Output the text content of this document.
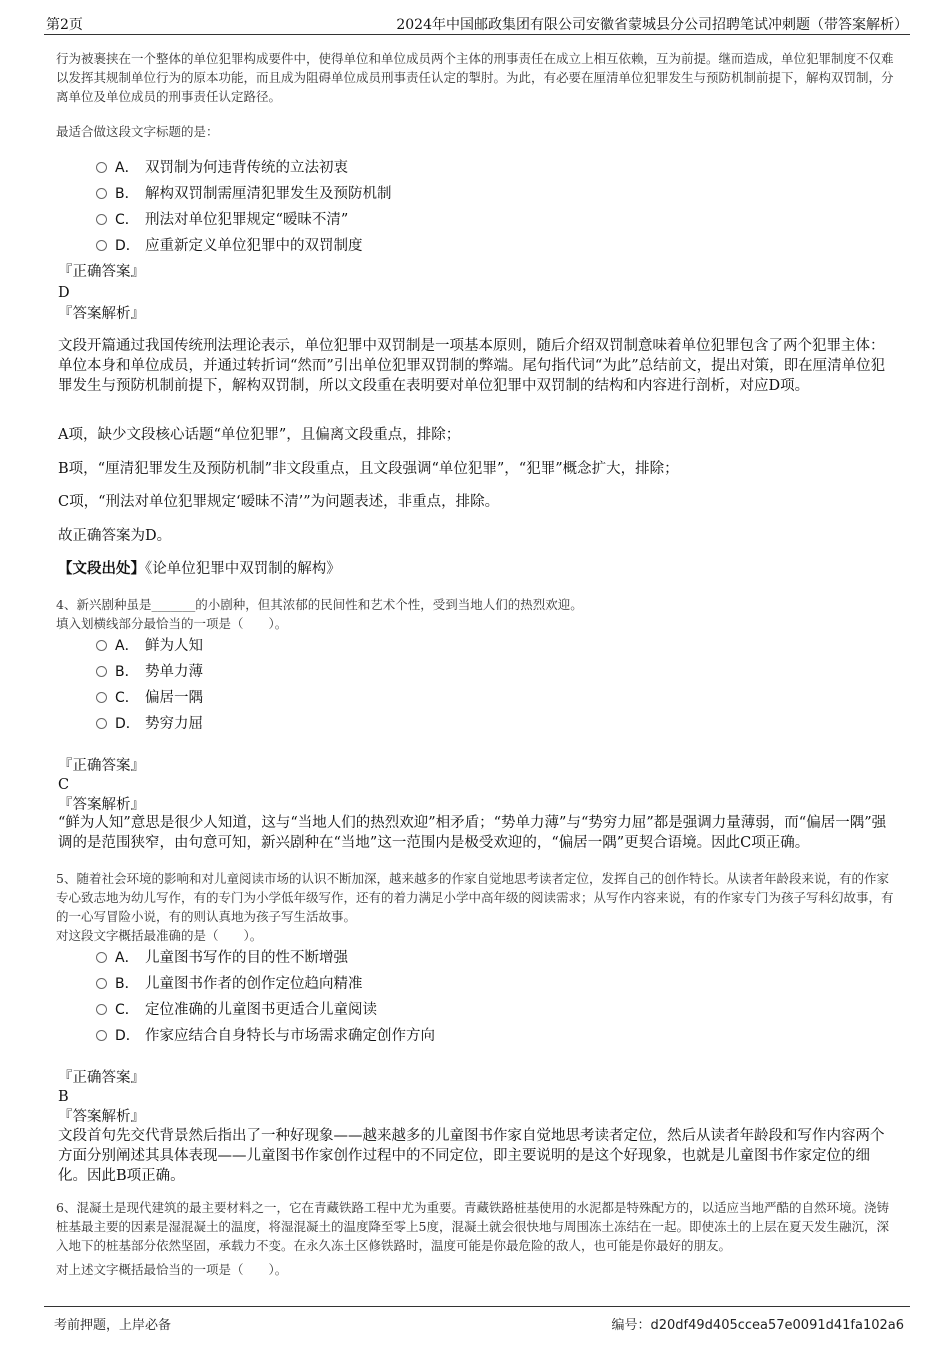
第2页	2024年中国邮政集团有限公司安徽省蒙城县分公司招聘笔试冲刺题（带答案解析）

行为被裹挟在一个整体的单位犯罪构成要件中，使得单位和单位成员两个主体的刑事责任在成立上相互依赖，互为前提。继而造成，单位犯罪制度不仅难以发挥其规制单位行为的原本功能，而且成为阻碍单位成员刑事责任认定的掣肘。为此，有必要在厘清单位犯罪发生与预防机制前提下，解构双罚制，分离单位及单位成员的刑事责任认定路径。

最适合做这段文字标题的是：

A． 双罚制为何违背传统的立法初衷
B． 解构双罚制需厘清犯罪发生及预防机制
C． 刑法对单位犯罪规定“暧昧不清”
D． 应重新定义单位犯罪中的双罚制度

『正确答案』

D

『答案解析』

文段开篇通过我国传统刑法理论表示，单位犯罪中双罚制是一项基本原则，随后介绍双罚制意味着单位犯罪包含了两个犯罪主体：单位本身和单位成员，并通过转折词“然而”引出单位犯罪双罚制的弊端。尾句指代词“为此”总结前文，提出对策，即在厘清单位犯罪发生与预防机制前提下，解构双罚制，所以文段重在表明要对单位犯罪中双罚制的结构和内容进行剖析，对应D项。

A项，缺少文段核心话题“单位犯罪”，且偏离文段重点，排除；

B项，“厘清犯罪发生及预防机制”非文段重点，且文段强调“单位犯罪”，“犯罪”概念扩大，排除；

C项，“刑法对单位犯罪规定‘暧昧不清’”为问题表述，非重点，排除。

故正确答案为D。

【文段出处】《论单位犯罪中双罚制的解构》

4、新兴剧种虽是_______的小剧种，但其浓郁的民间性和艺术个性，受到当地人们的热烈欢迎。

填入划横线部分最恰当的一项是（　　）。

A． 鲜为人知
B． 势单力薄
C． 偏居一隅
D． 势穷力屈

『正确答案』

C

『答案解析』

“鲜为人知”意思是很少人知道，这与“当地人们的热烈欢迎”相矛盾；“势单力薄”与“势穷力屈”都是强调力量薄弱，而“偏居一隅”强调的是范围狭窄，由句意可知，新兴剧种在“当地”这一范围内是极受欢迎的，“偏居一隅”更契合语境。因此C项正确。

5、随着社会环境的影响和对儿童阅读市场的认识不断加深，越来越多的作家自觉地思考读者定位，发挥自己的创作特长。从读者年龄段来说，有的作家专心致志地为幼儿写作，有的专门为小学低年级写作，还有的着力满足小学中高年级的阅读需求；从写作内容来说，有的作家专门为孩子写科幻故事，有的一心写冒险小说，有的则认真地为孩子写生活故事。

对这段文字概括最准确的是（　　）。

A． 儿童图书写作的目的性不断增强
B． 儿童图书作者的创作定位趋向精准
C． 定位准确的儿童图书更适合儿童阅读
D． 作家应结合自身特长与市场需求确定创作方向

『正确答案』

B

『答案解析』

文段首句先交代背景然后指出了一种好现象——越来越多的儿童图书作家自觉地思考读者定位，然后从读者年龄段和写作内容两个方面分别阐述其具体表现——儿童图书作家创作过程中的不同定位，即主要说明的是这个好现象，也就是儿童图书作家定位的细化。因此B项正确。

6、混凝土是现代建筑的最主要材料之一，它在青藏铁路工程中尤为重要。青藏铁路桩基使用的水泥都是特殊配方的，以适应当地严酷的自然环境。浇铸桩基最主要的因素是湿混凝土的温度，将湿混凝土的温度降至零上5度，混凝土就会很快地与周围冻土冻结在一起。即使冻土的上层在夏天发生融沉，深入地下的桩基部分依然坚固，承载力不变。在永久冻土区修铁路时，温度可能是你最危险的敌人，也可能是你最好的朋友。

对上述文字概括最恰当的一项是（　　）。

考前押题，上岸必备	编号：d20df49d405ccea57e0091d41fa102a6
